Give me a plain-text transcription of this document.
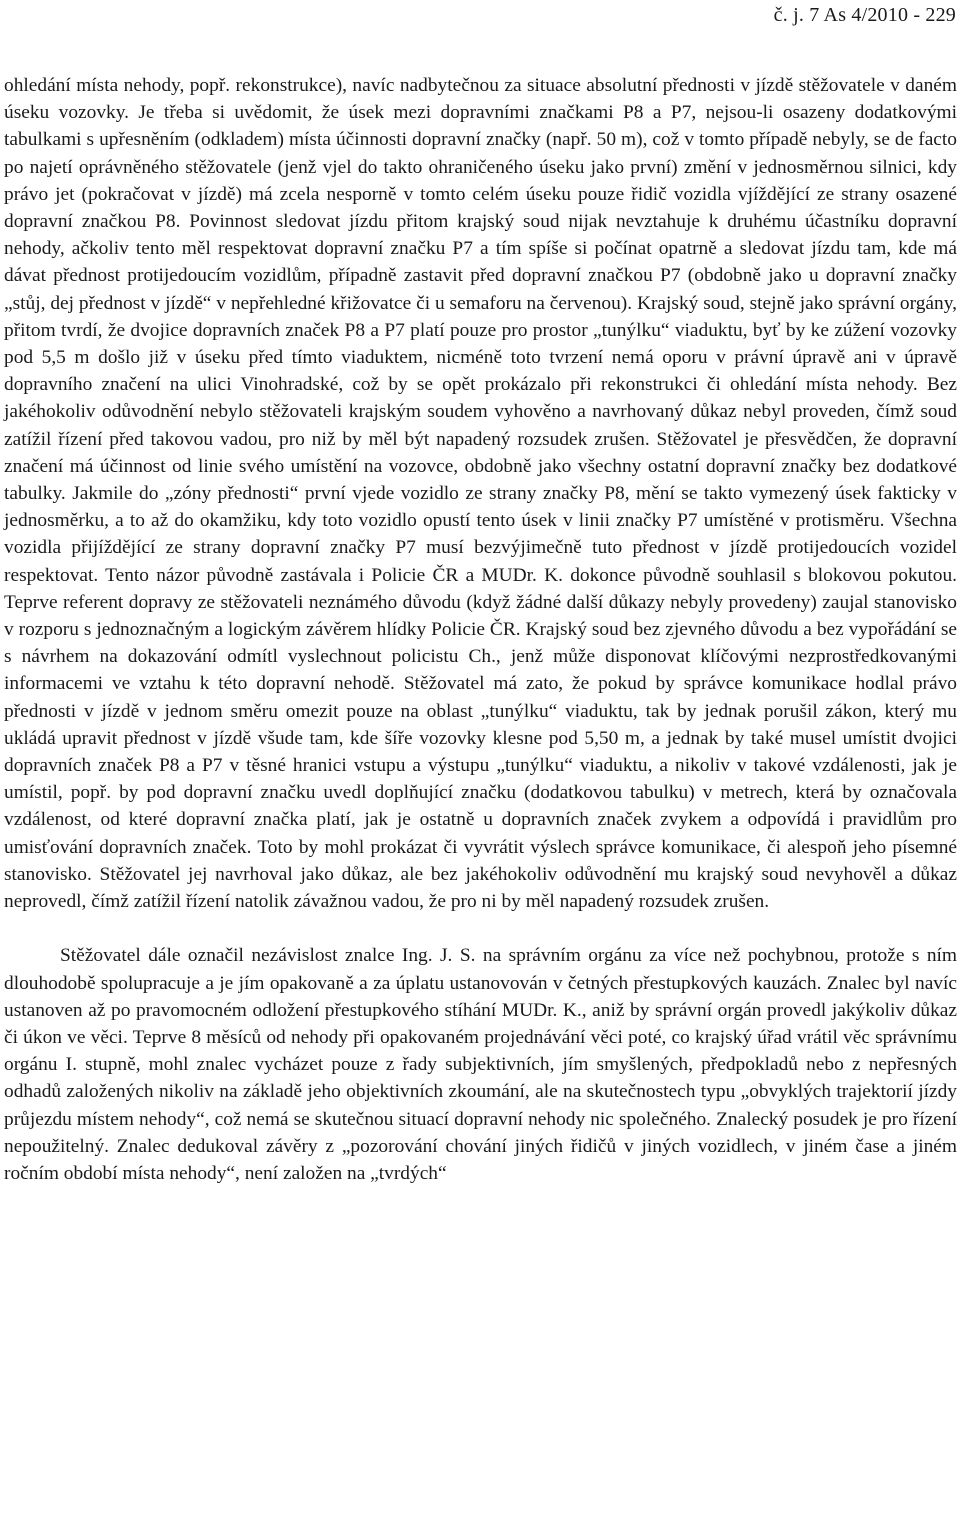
č. j. 7 As 4/2010 - 229

ohledání místa nehody, popř. rekonstrukce), navíc nadbytečnou za situace absolutní přednosti v jízdě stěžovatele v daném úseku vozovky. Je třeba si uvědomit, že úsek mezi dopravními značkami P8 a P7, nejsou-li osazeny dodatkovými tabulkami s upřesněním (odkladem) místa účinnosti dopravní značky (např. 50 m), což v tomto případě nebyly, se de facto po najetí oprávněného stěžovatele (jenž vjel do takto ohraničeného úseku jako první) změní v jednosměrnou silnici, kdy právo jet (pokračovat v jízdě) má zcela nesporně v tomto celém úseku pouze řidič vozidla vjíždějící ze strany osazené dopravní značkou P8. Povinnost sledovat jízdu přitom krajský soud nijak nevztahuje k druhému účastníku dopravní nehody, ačkoliv tento měl respektovat dopravní značku P7 a tím spíše si počínat opatrně a sledovat jízdu tam, kde má dávat přednost protijedoucím vozidlům, případně zastavit před dopravní značkou P7 (obdobně jako u dopravní značky „stůj, dej přednost v jízdě“ v nepřehledné křižovatce či u semaforu na červenou). Krajský soud, stejně jako správní orgány, přitom tvrdí, že dvojice dopravních značek P8 a P7 platí pouze pro prostor „tunýlku“ viaduktu, byť by ke zúžení vozovky pod 5,5 m došlo již v úseku před tímto viaduktem, nicméně toto tvrzení nemá oporu v právní úpravě ani v úpravě dopravního značení na ulici Vinohradské, což by se opět prokázalo při rekonstrukci či ohledání místa nehody. Bez jakéhokoliv odůvodnění nebylo stěžovateli krajským soudem vyhověno a navrhovaný důkaz nebyl proveden, čímž soud zatížil řízení před takovou vadou, pro niž by měl být napadený rozsudek zrušen. Stěžovatel je přesvědčen, že dopravní značení má účinnost od linie svého umístění na vozovce, obdobně jako všechny ostatní dopravní značky bez dodatkové tabulky. Jakmile do „zóny přednosti“ první vjede vozidlo ze strany značky P8, mění se takto vymezený úsek fakticky v jednosměrku, a to až do okamžiku, kdy toto vozidlo opustí tento úsek v linii značky P7 umístěné v protisměru. Všechna vozidla přijíždějící ze strany dopravní značky P7 musí bezvýjimečně tuto přednost v jízdě protijedoucích vozidel respektovat. Tento názor původně zastávala i Policie ČR a MUDr. K. dokonce původně souhlasil s blokovou pokutou. Teprve referent dopravy ze stěžovateli neznámého důvodu (když žádné další důkazy nebyly provedeny) zaujal stanovisko v rozporu s jednoznačným a logickým závěrem hlídky Policie ČR. Krajský soud bez zjevného důvodu a bez vypořádání se s návrhem na dokazování odmítl vyslechnout policistu Ch., jenž může disponovat klíčovými nezprostředkovanými informacemi ve vztahu k této dopravní nehodě. Stěžovatel má zato, že pokud by správce komunikace hodlal právo přednosti v jízdě v jednom směru omezit pouze na oblast „tunýlku“ viaduktu, tak by jednak porušil zákon, který mu ukládá upravit přednost v jízdě všude tam, kde šíře vozovky klesne pod 5,50 m, a jednak by také musel umístit dvojici dopravních značek P8 a P7 v těsné hranici vstupu a výstupu „tunýlku“ viaduktu, a nikoliv v takové vzdálenosti, jak je umístil, popř. by pod dopravní značku uvedl doplňující značku (dodatkovou tabulku) v metrech, která by označovala vzdálenost, od které dopravní značka platí, jak je ostatně u dopravních značek zvykem a odpovídá i pravidlům pro umisťování dopravních značek. Toto by mohl prokázat či vyvrátit výslech správce komunikace, či alespoň jeho písemné stanovisko. Stěžovatel jej navrhoval jako důkaz, ale bez jakéhokoliv odůvodnění mu krajský soud nevyhověl a důkaz neprovedl, čímž zatížil řízení natolik závažnou vadou, že pro ni by měl napadený rozsudek zrušen.

Stěžovatel dále označil nezávislost znalce Ing. J. S. na správním orgánu za více než pochybnou, protože s ním dlouhodobě spolupracuje a je jím opakovaně a za úplatu ustanovován v četných přestupkových kauzách. Znalec byl navíc ustanoven až po pravomocném odložení přestupkového stíhání MUDr. K., aniž by správní orgán provedl jakýkoliv důkaz či úkon ve věci. Teprve 8 měsíců od nehody při opakovaném projednávání věci poté, co krajský úřad vrátil věc správnímu orgánu I. stupně, mohl znalec vycházet pouze z řady subjektivních, jím smyšlených, předpokladů nebo z nepřesných odhadů založených nikoliv na základě jeho objektivních zkoumání, ale na skutečnostech typu „obvyklých trajektorií jízdy průjezdu místem nehody“, což nemá se skutečnou situací dopravní nehody nic společného. Znalecký posudek je pro řízení nepoužitelný. Znalec dedukoval závěry z „pozorování chování jiných řidičů v jiných vozidlech, v jiném čase a jiném ročním období místa nehody“, není založen na „tvrdých“
